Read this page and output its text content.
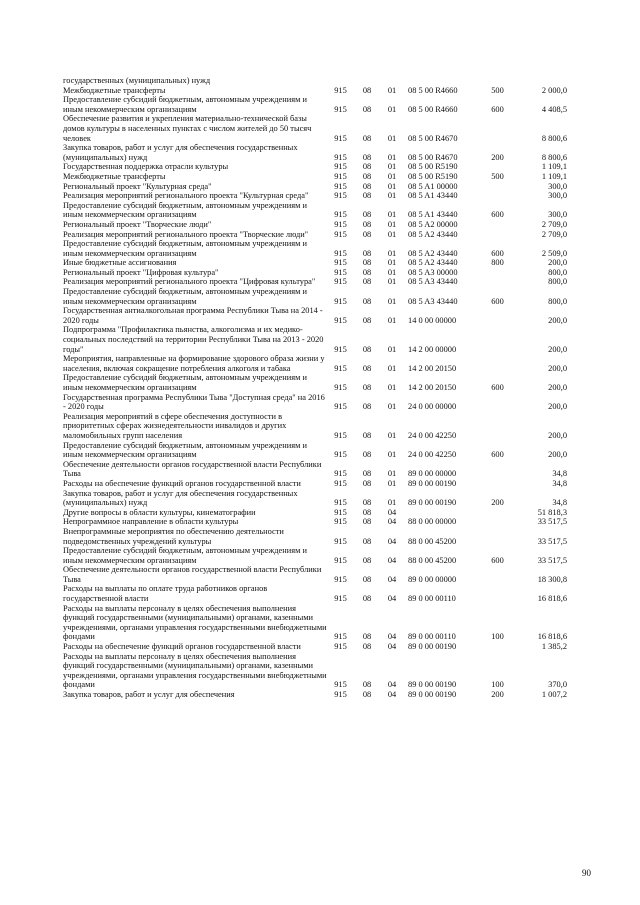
государственных (муниципальных) нужд						
Межбюджетные трансферты	915	08	01	08 5 00 R4660	500	2 000,0
Предоставление субсидий бюджетным, автономным учреждениям и иным некоммерческим организациям	915	08	01	08 5 00 R4660	600	4 408,5
Обеспечение развития и укрепления материально-технической базы домов культуры в населенных пунктах с числом жителей до 50 тысяч человек	915	08	01	08 5 00 R4670		8 800,6
Закупка товаров, работ и услуг для обеспечения государственных (муниципальных) нужд	915	08	01	08 5 00 R4670	200	8 800,6
Государственная поддержка отрасли культуры	915	08	01	08 5 00 R5190		1 109,1
Межбюджетные трансферты	915	08	01	08 5 00 R5190	500	1 109,1
Региональный проект "Культурная среда"	915	08	01	08 5 A1 00000		300,0
Реализация мероприятий регионального проекта "Культурная среда"	915	08	01	08 5 A1 43440		300,0
Предоставление субсидий бюджетным, автономным учреждениям и иным некоммерческим организациям	915	08	01	08 5 A1 43440	600	300,0
Региональный проект "Творческие люди"	915	08	01	08 5 A2 00000		2 709,0
Реализация мероприятий регионального проекта "Творческие люди"	915	08	01	08 5 A2 43440		2 709,0
Предоставление субсидий бюджетным, автономным учреждениям и иным некоммерческим организациям	915	08	01	08 5 A2 43440	600	2 509,0
Иные бюджетные ассигнования	915	08	01	08 5 A2 43440	800	200,0
Региональный проект "Цифровая культура"	915	08	01	08 5 A3 00000		800,0
Реализация мероприятий регионального проекта "Цифровая культура"	915	08	01	08 5 A3 43440		800,0
Предоставление субсидий бюджетным, автономным учреждениям и иным некоммерческим организациям	915	08	01	08 5 A3 43440	600	800,0
Государственная антиалкогольная программа Республики Тыва на 2014 - 2020 годы	915	08	01	14 0 00 00000		200,0
Подпрограмма "Профилактика пьянства, алкоголизма и их медико-социальных последствий на территории Республики Тыва на 2013 - 2020 годы"	915	08	01	14 2 00 00000		200,0
Мероприятия, направленные на формирование здорового образа жизни у населения, включая сокращение потребления алкоголя и табака	915	08	01	14 2 00 20150		200,0
Предоставление субсидий бюджетным, автономным учреждениям и иным некоммерческим организациям	915	08	01	14 2 00 20150	600	200,0
Государственная программа Республики Тыва "Доступная среда" на 2016 - 2020 годы	915	08	01	24 0 00 00000		200,0
Реализация мероприятий в сфере обеспечения доступности в приоритетных сферах жизнедеятельности инвалидов и других маломобильных групп населения	915	08	01	24 0 00 42250		200,0
Предоставление субсидий бюджетным, автономным учреждениям и иным некоммерческим организациям	915	08	01	24 0 00 42250	600	200,0
Обеспечение деятельности органов государственной власти Республики Тыва	915	08	01	89 0 00 00000		34,8
Расходы на обеспечение функций органов государственной власти	915	08	01	89 0 00 00190		34,8
Закупка товаров, работ и услуг для обеспечения государственных (муниципальных) нужд	915	08	01	89 0 00 00190	200	34,8
Другие вопросы в области культуры, кинематографии	915	08	04			51 818,3
Непрограммное направление в области культуры	915	08	04	88 0 00 00000		33 517,5
Внепрограммные мероприятия по обеспечению деятельности подведомственных учреждений культуры	915	08	04	88 0 00 45200		33 517,5
Предоставление субсидий бюджетным, автономным учреждениям и иным некоммерческим организациям	915	08	04	88 0 00 45200	600	33 517,5
Обеспечение деятельности органов государственной власти Республики Тыва	915	08	04	89 0 00 00000		18 300,8
Расходы на выплаты по оплате труда работников органов государственной власти	915	08	04	89 0 00 00110		16 818,6
Расходы на выплаты персоналу в целях обеспечения выполнения функций государственными (муниципальными) органами, казенными учреждениями, органами управления государственными внебюджетными фондами	915	08	04	89 0 00 00110	100	16 818,6
Расходы на обеспечение функций органов государственной власти	915	08	04	89 0 00 00190		1 385,2
Расходы на выплаты персоналу в целях обеспечения выполнения функций государственными (муниципальными) органами, казенными учреждениями, органами управления государственными внебюджетными фондами	915	08	04	89 0 00 00190	100	370,0
Закупка товаров, работ и услуг для обеспечения	915	08	04	89 0 00 00190	200	1 007,2
90
